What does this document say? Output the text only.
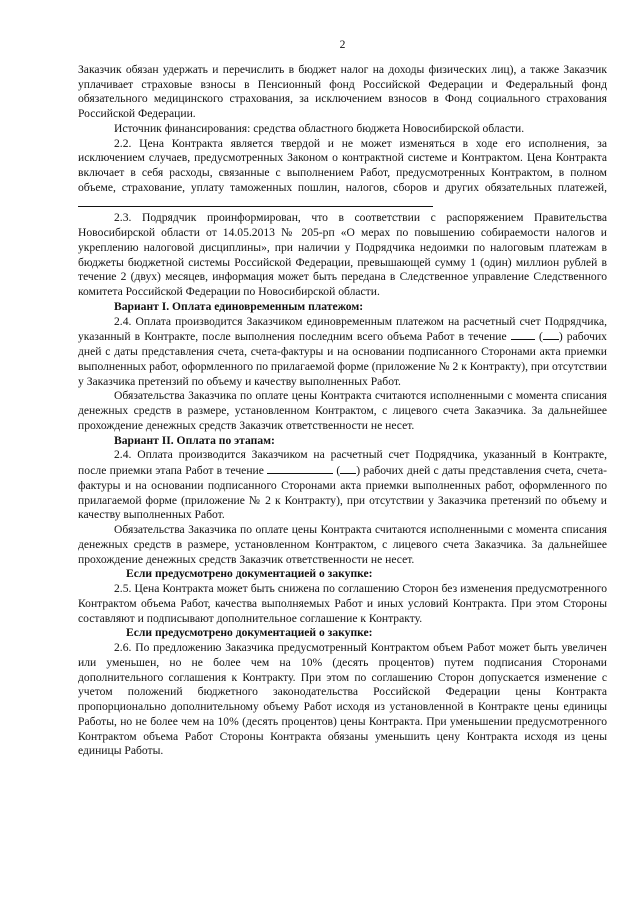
2

Заказчик обязан удержать и перечислить в бюджет налог на доходы физических лиц), а также Заказчик уплачивает страховые взносы в Пенсионный фонд Российской Федерации и Федеральный фонд обязательного медицинского страхования, за исключением взносов в Фонд социального страхования Российской Федерации.

Источник финансирования: средства областного бюджета Новосибирской области.

2.2. Цена Контракта является твердой и не может изменяться в ходе его исполнения, за исключением случаев, предусмотренных Законом о контрактной системе и Контрактом. Цена Контракта включает в себя расходы, связанные с выполнением Работ, предусмотренных Контрактом, в полном объеме, страхование, уплату таможенных пошлин, налогов, сборов и других обязательных платежей,

2.3. Подрядчик проинформирован, что в соответствии с распоряжением Правительства Новосибирской области от 14.05.2013 № 205-рп «О мерах по повышению собираемости налогов и укреплению налоговой дисциплины», при наличии у Подрядчика недоимки по налоговым платежам в бюджеты бюджетной системы Российской Федерации, превышающей сумму 1 (один) миллион рублей в течение 2 (двух) месяцев, информация может быть передана в Следственное управление Следственного комитета Российской Федерации по Новосибирской области.

Вариант I. Оплата единовременным платежом:

2.4. Оплата производится Заказчиком единовременным платежом на расчетный счет Подрядчика, указанный в Контракте, после выполнения последним всего объема Работ в течение	( ) рабочих дней с даты представления счета, счета-фактуры и на основании подписанного Сторонами акта приемки выполненных работ, оформленного по прилагаемой форме (приложение № 2 к Контракту), при отсутствии у Заказчика претензий по объему и качеству выполненных Работ.

Обязательства Заказчика по оплате цены Контракта считаются исполненными с момента списания денежных средств в размере, установленном Контрактом, с лицевого счета Заказчика. За дальнейшее прохождение денежных средств Заказчик ответственности не несет.

Вариант II. Оплата по этапам:

2.4. Оплата производится Заказчиком на расчетный счет Подрядчика, указанный в Контракте, после приемки этапа Работ в течение	( ) рабочих дней с даты представления счета, счета-фактуры и на основании подписанного Сторонами акта приемки выполненных работ, оформленного по прилагаемой форме (приложение № 2 к Контракту), при отсутствии у Заказчика претензий по объему и качеству выполненных Работ.

Обязательства Заказчика по оплате цены Контракта считаются исполненными с момента списания денежных средств в размере, установленном Контрактом, с лицевого счета Заказчика. За дальнейшее прохождение денежных средств Заказчик ответственности не несет.

Если предусмотрено документацией о закупке:

2.5. Цена Контракта может быть снижена по соглашению Сторон без изменения предусмотренного Контрактом объема Работ, качества выполняемых Работ и иных условий Контракта. При этом Стороны составляют и подписывают дополнительное соглашение к Контракту.

Если предусмотрено документацией о закупке:

2.6. По предложению Заказчика предусмотренный Контрактом объем Работ может быть увеличен или уменьшен, но не более чем на 10% (десять процентов) путем подписания Сторонами дополнительного соглашения к Контракту. При этом по соглашению Сторон допускается изменение с учетом положений бюджетного законодательства Российской Федерации цены Контракта пропорционально дополнительному объему Работ исходя из установленной в Контракте цены единицы Работы, но не более чем на 10% (десять процентов) цены Контракта. При уменьшении предусмотренного Контрактом объема Работ Стороны Контракта обязаны уменьшить цену Контракта исходя из цены единицы Работы.
